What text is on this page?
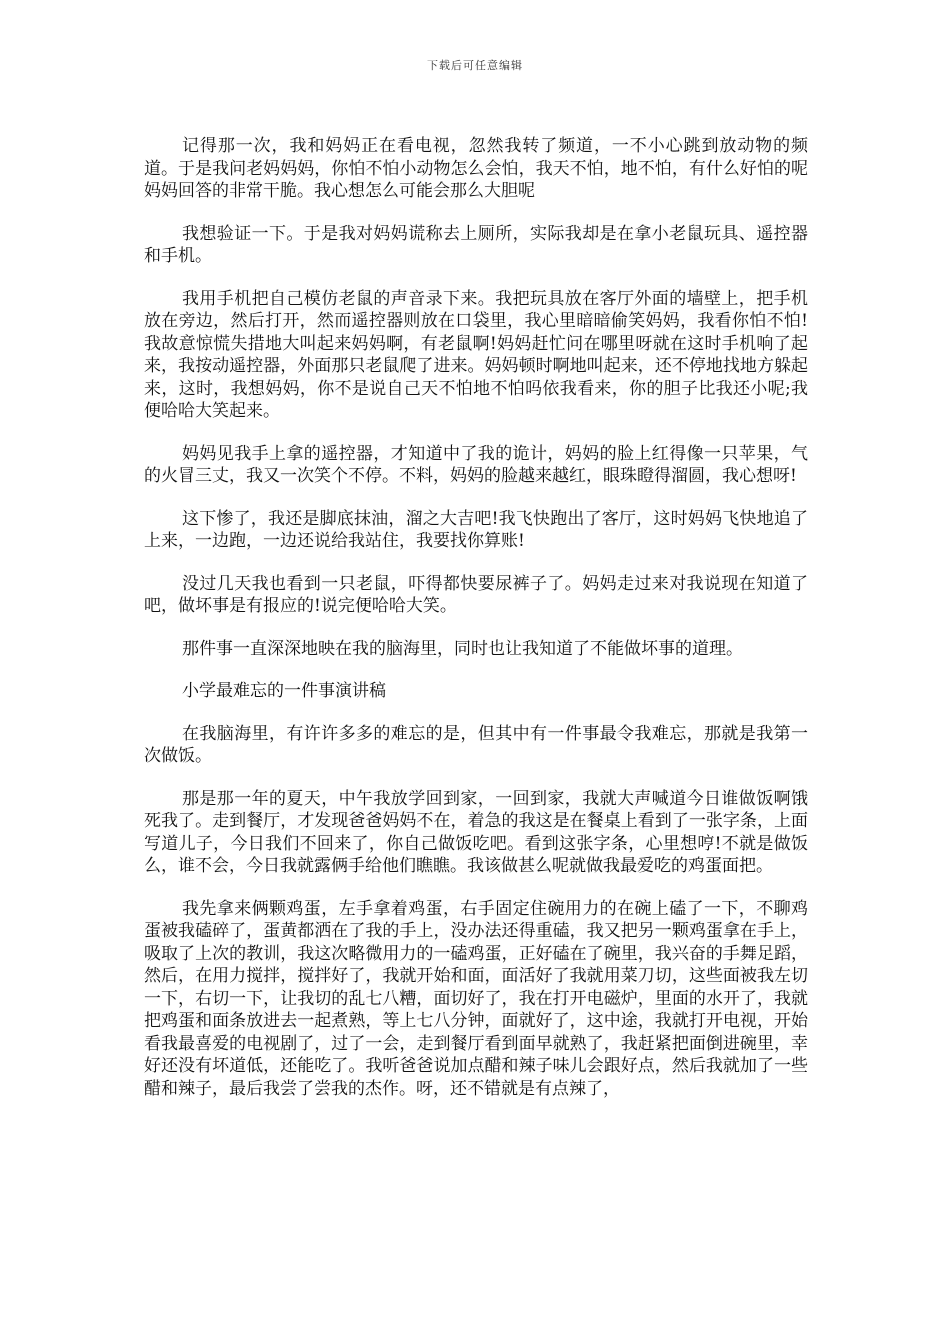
下载后可任意编辑

记得那一次，我和妈妈正在看电视，忽然我转了频道，一不小心跳到放动物的频道。于是我问老妈妈妈，你怕不怕小动物怎么会怕，我天不怕，地不怕，有什么好怕的呢妈妈回答的非常干脆。我心想怎么可能会那么大胆呢

我想验证一下。于是我对妈妈谎称去上厕所，实际我却是在拿小老鼠玩具、遥控器和手机。

我用手机把自己模仿老鼠的声音录下来。我把玩具放在客厅外面的墙壁上，把手机放在旁边，然后打开，然而遥控器则放在口袋里，我心里暗暗偷笑妈妈，我看你怕不怕!我故意惊慌失措地大叫起来妈妈啊，有老鼠啊!妈妈赶忙问在哪里呀就在这时手机响了起来，我按动遥控器，外面那只老鼠爬了进来。妈妈顿时啊地叫起来，还不停地找地方躲起来，这时，我想妈妈，你不是说自己天不怕地不怕吗依我看来，你的胆子比我还小呢;我便哈哈大笑起来。

妈妈见我手上拿的遥控器，才知道中了我的诡计，妈妈的脸上红得像一只苹果，气的火冒三丈，我又一次笑个不停。不料，妈妈的脸越来越红，眼珠瞪得溜圆，我心想呀!

这下惨了，我还是脚底抹油，溜之大吉吧!我飞快跑出了客厅，这时妈妈飞快地追了上来，一边跑，一边还说给我站住，我要找你算账!

没过几天我也看到一只老鼠，吓得都快要尿裤子了。妈妈走过来对我说现在知道了吧，做坏事是有报应的!说完便哈哈大笑。

那件事一直深深地映在我的脑海里，同时也让我知道了不能做坏事的道理。

小学最难忘的一件事演讲稿

在我脑海里，有许许多多的难忘的是，但其中有一件事最令我难忘，那就是我第一次做饭。

那是那一年的夏天，中午我放学回到家，一回到家，我就大声喊道今日谁做饭啊饿死我了。走到餐厅，才发现爸爸妈妈不在，着急的我这是在餐桌上看到了一张字条，上面写道儿子，今日我们不回来了，你自己做饭吃吧。看到这张字条，心里想哼!不就是做饭么，谁不会，今日我就露俩手给他们瞧瞧。我该做甚么呢就做我最爱吃的鸡蛋面把。

我先拿来俩颗鸡蛋，左手拿着鸡蛋，右手固定住碗用力的在碗上磕了一下，不聊鸡蛋被我磕碎了，蛋黄都洒在了我的手上，没办法还得重磕，我又把另一颗鸡蛋拿在手上，吸取了上次的教训，我这次略微用力的一磕鸡蛋，正好磕在了碗里，我兴奋的手舞足蹈，然后，在用力搅拌，搅拌好了，我就开始和面，面活好了我就用菜刀切，这些面被我左切一下，右切一下，让我切的乱七八糟，面切好了，我在打开电磁炉，里面的水开了，我就把鸡蛋和面条放进去一起煮熟，等上七八分钟，面就好了，这中途，我就打开电视，开始看我最喜爱的电视剧了，过了一会，走到餐厅看到面早就熟了，我赶紧把面倒进碗里，幸好还没有坏道低，还能吃了。我听爸爸说加点醋和辣子味儿会跟好点，然后我就加了一些醋和辣子，最后我尝了尝我的杰作。呀，还不错就是有点辣了，
